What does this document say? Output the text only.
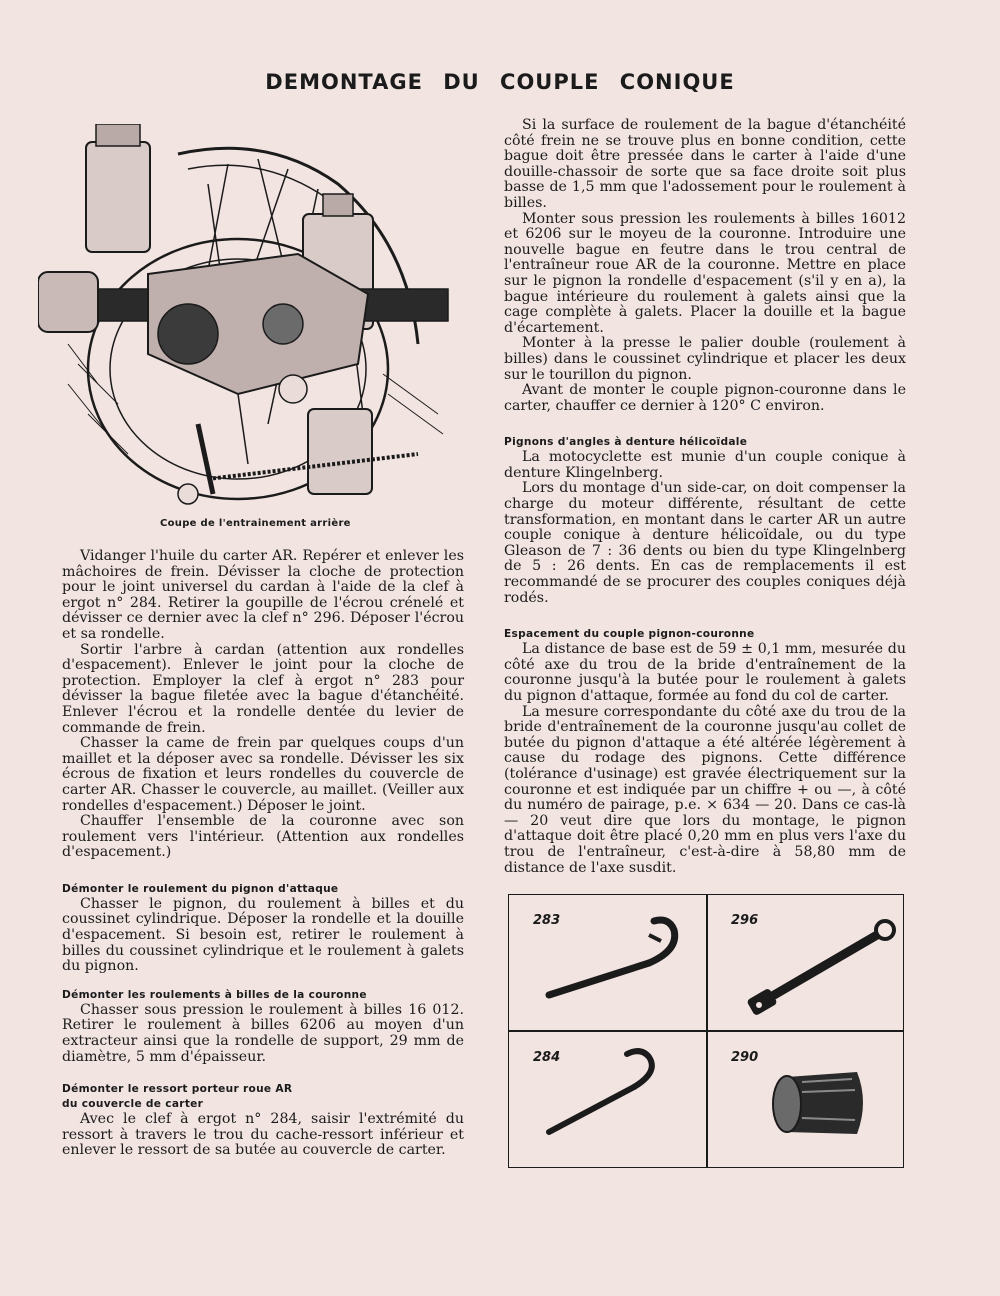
DEMONTAGE DU COUPLE CONIQUE
Coupe de l'entrainement arrière

Vidanger l'huile du carter AR. Repérer et enlever les mâchoires de frein. Dévisser la cloche de protection pour le joint universel du cardan à l'aide de la clef à ergot n° 284. Retirer la goupille de l'écrou crénelé et dévisser ce dernier avec la clef n° 296. Déposer l'écrou et sa rondelle.

Sortir l'arbre à cardan (attention aux rondelles d'espacement). Enlever le joint pour la cloche de protection. Employer la clef à ergot n° 283 pour dévisser la bague filetée avec la bague d'étanchéité. Enlever l'écrou et la rondelle dentée du levier de commande de frein.

Chasser la came de frein par quelques coups d'un maillet et la déposer avec sa rondelle. Dévisser les six écrous de fixation et leurs rondelles du couvercle de carter AR. Chasser le couvercle, au maillet. (Veiller aux rondelles d'espacement.) Déposer le joint.

Chauffer l'ensemble de la couronne avec son roulement vers l'intérieur. (Attention aux rondelles d'espacement.)

Démonter le roulement du pignon d'attaque

Chasser le pignon, du roulement à billes et du coussinet cylindrique. Déposer la rondelle et la douille d'espacement. Si besoin est, retirer le roulement à billes du coussinet cylindrique et le roulement à galets du pignon.

Démonter les roulements à billes de la couronne

Chasser sous pression le roulement à billes 16 012. Retirer le roulement à billes 6206 au moyen d'un extracteur ainsi que la rondelle de support, 29 mm de diamètre, 5 mm d'épaisseur.

Démonter le ressort porteur roue AR
du couvercle de carter

Avec le clef à ergot n° 284, saisir l'extrémité du ressort à travers le trou du cache-ressort inférieur et enlever le ressort de sa butée au couvercle de carter.

Si la surface de roulement de la bague d'étanchéité côté frein ne se trouve plus en bonne condition, cette bague doit être pressée dans le carter à l'aide d'une douille-chassoir de sorte que sa face droite soit plus basse de 1,5 mm que l'adossement pour le roulement à billes.

Monter sous pression les roulements à billes 16012 et 6206 sur le moyeu de la couronne. Introduire une nouvelle bague en feutre dans le trou central de l'entraîneur roue AR de la couronne. Mettre en place sur le pignon la rondelle d'espacement (s'il y en a), la bague intérieure du roulement à galets ainsi que la cage complète à galets. Placer la douille et la bague d'écartement.

Monter à la presse le palier double (roulement à billes) dans le coussinet cylindrique et placer les deux sur le tourillon du pignon.

Avant de monter le couple pignon-couronne dans le carter, chauffer ce dernier à 120° C environ.

Pignons d'angles à denture hélicoïdale

La motocyclette est munie d'un couple conique à denture Klingelnberg.

Lors du montage d'un side-car, on doit compenser la charge du moteur différente, résultant de cette transformation, en montant dans le carter AR un autre couple conique à denture hélicoïdale, ou du type Gleason de 7 : 36 dents ou bien du type Klingelnberg de 5 : 26 dents. En cas de remplacements il est recommandé de se procurer des couples coniques déjà rodés.

Espacement du couple pignon-couronne

La distance de base est de 59 ± 0,1 mm, mesurée du côté axe du trou de la bride d'entraînement de la couronne jusqu'à la butée pour le roulement à galets du pignon d'attaque, formée au fond du col de carter.

La mesure correspondante du côté axe du trou de la bride d'entraînement de la couronne jusqu'au collet de butée du pignon d'attaque a été altérée légèrement à cause du rodage des pignons. Cette différence (tolérance d'usinage) est gravée électriquement sur la couronne et est indiquée par un chiffre + ou —, à côté du numéro de pairage, p.e. × 634 — 20. Dans ce cas-là — 20 veut dire que lors du montage, le pignon d'attaque doit être placé 0,20 mm en plus vers l'axe du trou de l'entraîneur, c'est-à-dire à 58,80 mm de distance de l'axe susdit.

283	296
284	290
